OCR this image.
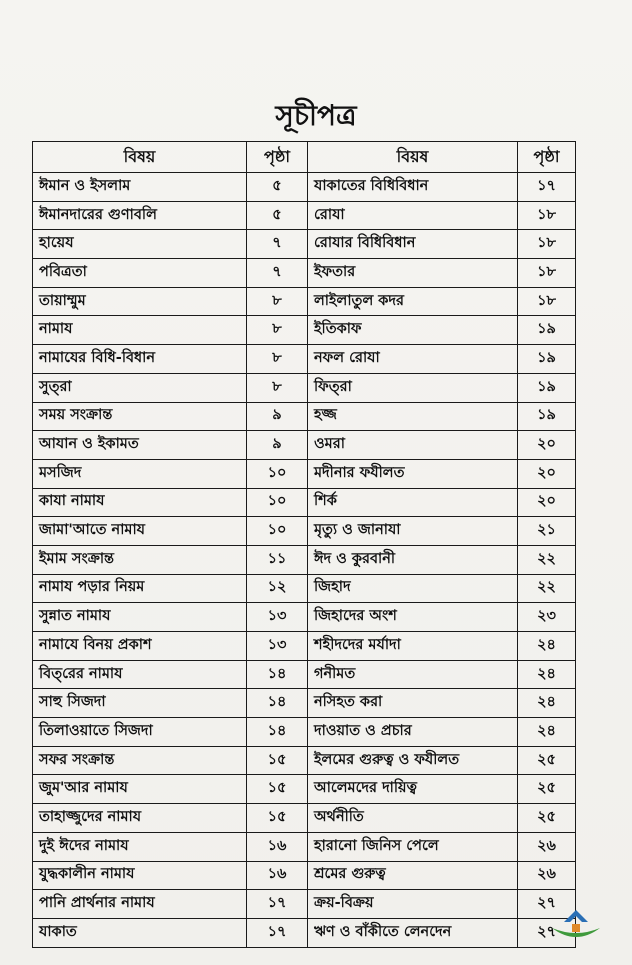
সূচীপত্র
বিষয়	পৃষ্ঠা	বিয়ষ	পৃষ্ঠা
ঈমান ও ইসলাম	৫	যাকাতের বিধিবিধান	১৭
ঈমানদারের গুণাবলি	৫	রোযা	১৮
হায়েয	৭	রোযার বিধিবিধান	১৮
পবিত্রতা	৭	ইফতার	১৮
তায়াম্মুম	৮	লাইলাতুল কদর	১৮
নামায	৮	ইতিকাফ	১৯
নামাযের বিধি-বিধান	৮	নফল রোযা	১৯
সুত্‌রা	৮	ফিত্‌রা	১৯
সময় সংক্রান্ত	৯	হজ্জ	১৯
আযান ও ইকামত	৯	ওমরা	২০
মসজিদ	১০	মদীনার ফযীলত	২০
কাযা নামায	১০	শির্ক	২০
জামা'আতে নামায	১০	মৃত্যু ও জানাযা	২১
ইমাম সংক্রান্ত	১১	ঈদ ও কুরবানী	২২
নামায পড়ার নিয়ম	১২	জিহাদ	২২
সুন্নাত নামায	১৩	জিহাদের অংশ	২৩
নামাযে বিনয় প্রকাশ	১৩	শহীদদের মর্যাদা	২৪
বিত্‌রের নামায	১৪	গনীমত	২৪
সাহু সিজদা	১৪	নসিহত করা	২৪
তিলাওয়াতে সিজদা	১৪	দাওয়াত ও প্রচার	২৪
সফর সংক্রান্ত	১৫	ইলমের গুরুত্ব ও ফযীলত	২৫
জুম'আর নামায	১৫	আলেমদের দায়িত্ব	২৫
তাহাজ্জুদের নামায	১৫	অর্থনীতি	২৫
দুই ঈদের নামায	১৬	হারানো জিনিস পেলে	২৬
যুদ্ধকালীন নামায	১৬	শ্রমের গুরুত্ব	২৬
পানি প্রার্থনার নামায	১৭	ক্রয়-বিক্রয়	২৭
যাকাত	১৭	ঋণ ও বাঁকীতে লেনদেন	২৭
